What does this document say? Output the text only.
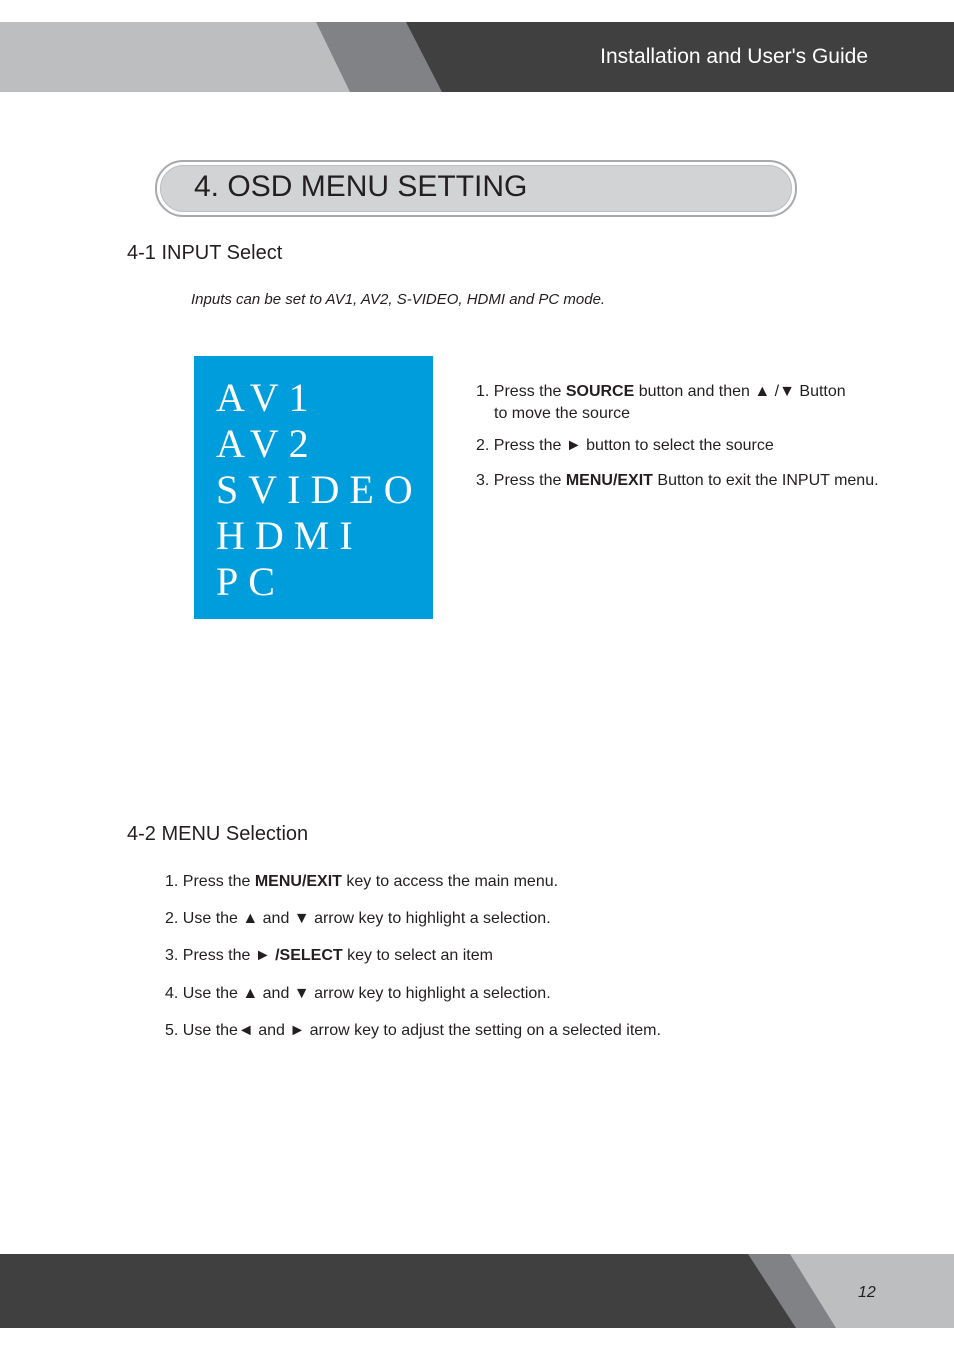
Installation and User's Guide
4. OSD MENU SETTING
4-1 INPUT Select
Inputs can be set to AV1, AV2, S-VIDEO, HDMI and PC mode.
AV1
AV2
SVIDEO
HDMI
PC
1. Press the SOURCE button and then ▲ /▼ Button
to move the source
2. Press the ► button to select the source
3. Press the MENU/EXIT Button to exit the INPUT menu.
4-2 MENU Selection
1. Press the MENU/EXIT key to access the main menu.
2. Use the ▲ and ▼ arrow key to highlight a selection.
3. Press the ► /SELECT key to select an item
4. Use the ▲ and ▼ arrow key to highlight a selection.
5. Use the◄ and ► arrow key to adjust the setting on a selected item.
12
